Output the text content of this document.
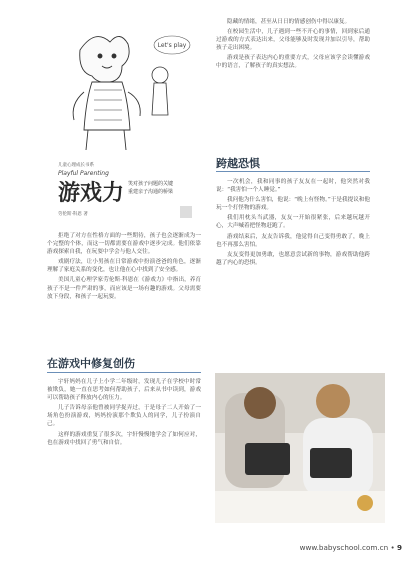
Let's play
儿童心理成长书系
Playful Parenting
游戏力 笑对孩子问题的关键
重建亲子沟通的桥梁
劳伦斯·科恩 著

拒绝了对方在性格方面的一些期待，孩子也会逐渐成为一个完整的个体，而这一切都需要在游戏中逐步完成。他们依靠游戏探索自我，在玩耍中学会与他人交往。

戏剧疗法，让小男孩在日常游戏中扮演爸爸的角色，逐渐理解了家庭关系的变化，也让他在心中找到了安全感。

美国儿童心理学家劳伦斯·科恩在《游戏力》中指出，养育孩子不是一件严肃的事，而应该是一场有趣的游戏。父母需要放下身段，和孩子一起玩耍。

在游戏中修复创伤

宇轩妈妈在儿子上小学二年级时，发现儿子在学校中时常被欺负，她一直在思考如何帮助孩子，后来从书中读到，游戏可以帮助孩子释放内心的压力。

儿子告诉母亲他曾被同学捉弄过，于是母子二人开始了一场角色扮演游戏，妈妈扮演那个欺负人的同学，儿子扮演自己。

这样的游戏重复了很多次，宇轩慢慢地学会了如何应对，也在游戏中找回了勇气和自信。

隐藏的情绪，甚至从日日的情感创伤中得以康复。

在校园生活中，儿子遇到一些不开心的事情，回到家后通过游戏的方式表达出来，父母能够及时发现并加以引导，帮助孩子走出困境。

游戏是孩子表达内心的重要方式，父母应该学会读懂游戏中的语言，了解孩子的真实想法。

跨越恐惧

一次机会，我和同事的孩子友友在一起时，他突然对我说：“我害怕一个人睡觉。”

我问他为什么害怕，他说：“晚上有怪物。”于是我提议和他玩一个打怪物的游戏。

我们用枕头当武器，友友一开始很紧张，后来越玩越开心，大声喊着把怪物赶跑了。

游戏结束后，友友告诉我，他觉得自己变得勇敢了，晚上也不再那么害怕。

友友变得更加勇敢，也愿意尝试新的事物，游戏帮助他跨越了内心的恐惧。

www.babyschool.com.cn • 9
